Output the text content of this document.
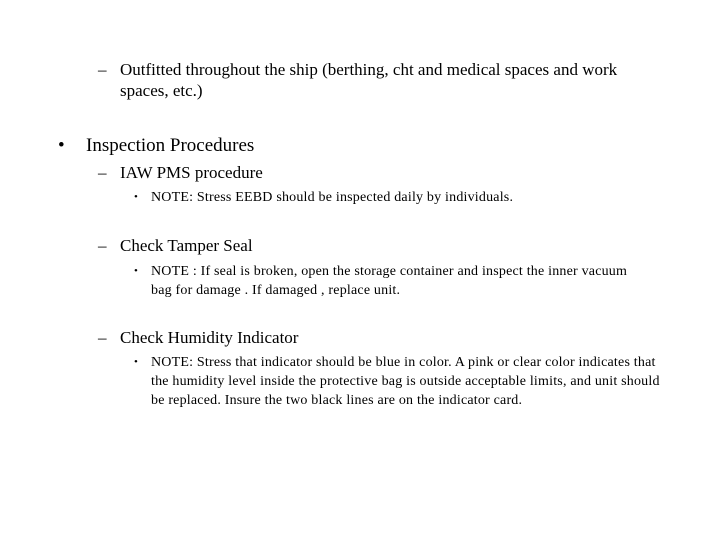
– Outfitted throughout the ship (berthing, cht and medical spaces and work spaces, etc.)
•	Inspection Procedures
– IAW PMS procedure
• NOTE: Stress EEBD should be inspected daily by individuals.
– Check Tamper Seal
• NOTE : If seal is broken, open the storage container and inspect the inner vacuum bag for damage . If damaged , replace unit.
– Check Humidity Indicator
• NOTE: Stress that indicator should be blue in color. A pink or clear color indicates that the humidity level inside the protective bag is outside acceptable limits, and unit should be replaced. Insure the two black lines are on the indicator card.
